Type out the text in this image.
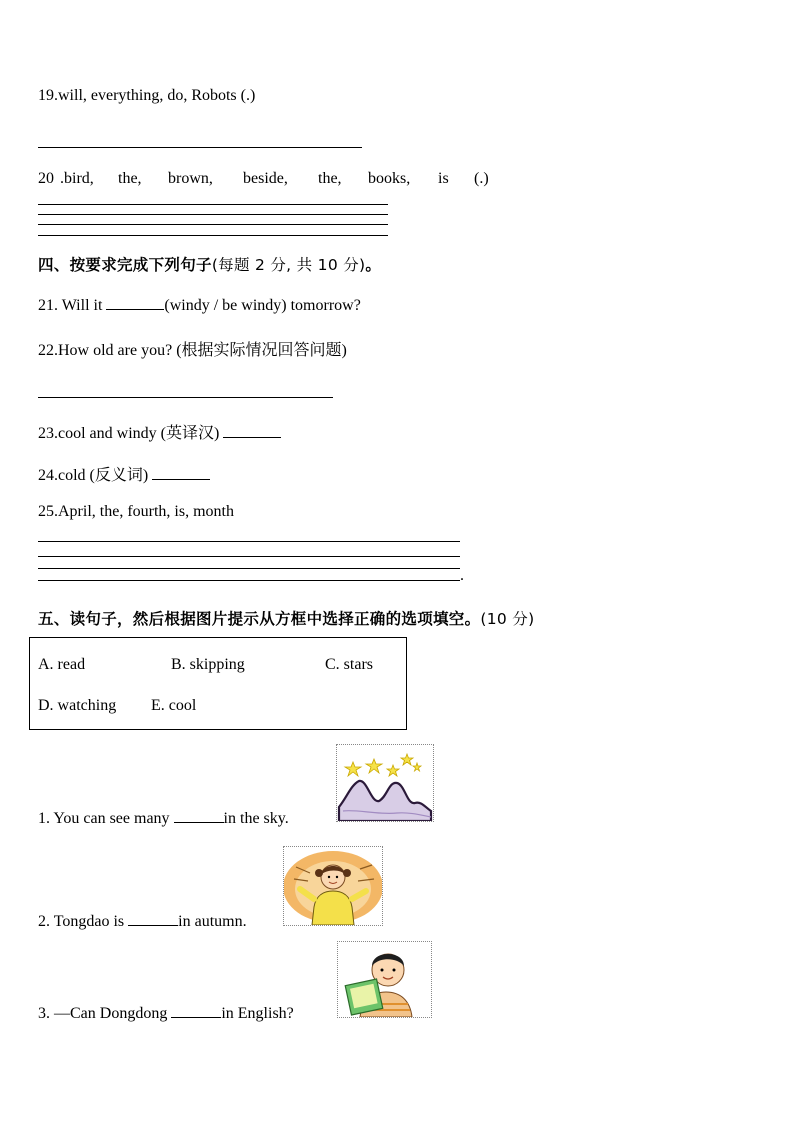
19.will, everything, do, Robots (.)
20 .bird, the, brown, beside, the, books, is (.)
四、按要求完成下列句子(每题 2 分, 共 10 分)。
21. Will it	(windy / be windy) tomorrow?
22.How old are you? (根据实际情况回答问题)
23.cool and windy (英译汉)
24.cold (反义词)
25.April, the, fourth, is, month
.
五、读句子，然后根据图片提示从方框中选择正确的选项填空。(10 分)
A. read	B. skipping	C. stars
D. watching E. cool
1. You can see many	in the sky.
2. Tongdao is	in autumn.
3. —Can Dongdong	in English?
